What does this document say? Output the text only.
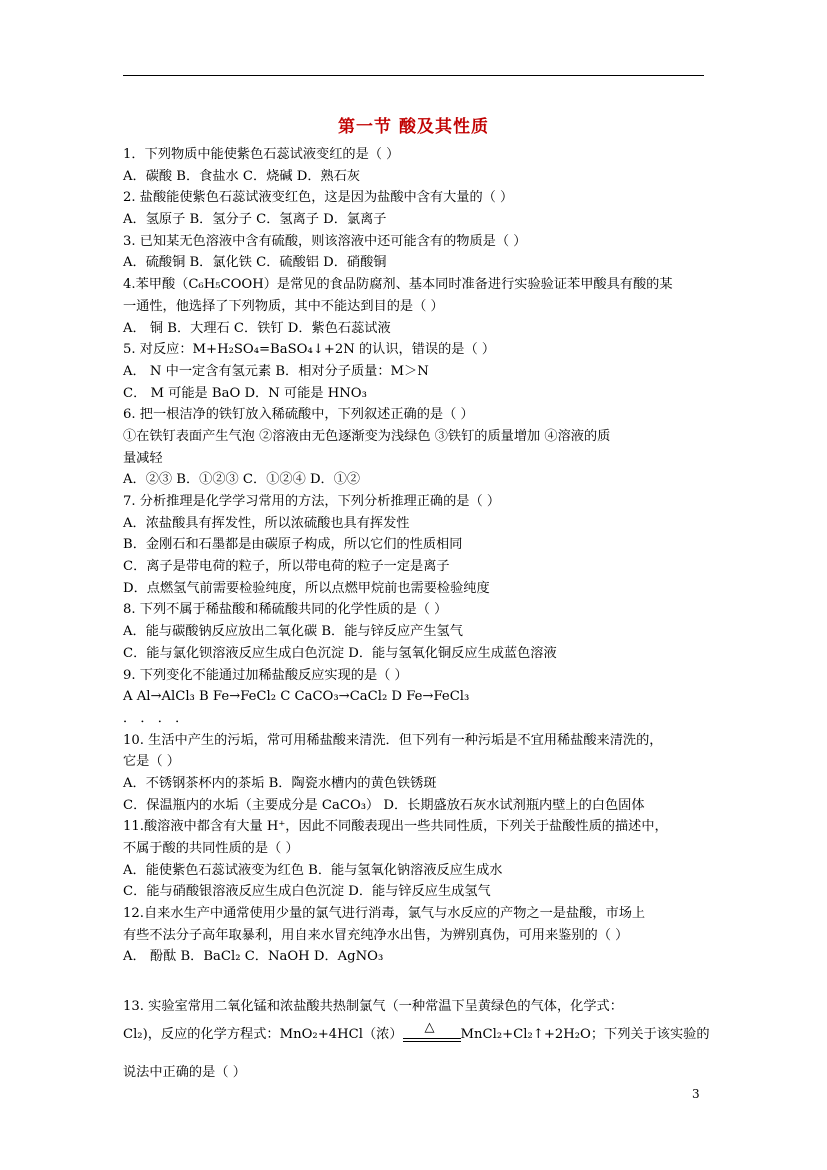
第一节 酸及其性质
1．下列物质中能使紫色石蕊试液变红的是（ ）
A．碳酸 B．食盐水 C．烧碱 D．熟石灰
2. 盐酸能使紫色石蕊试液变红色，这是因为盐酸中含有大量的（ ）
A．氢原子 B．氢分子 C．氢离子 D．氯离子
3. 已知某无色溶液中含有硫酸，则该溶液中还可能含有的物质是（ ）
A．硫酸铜 B．氯化铁 C．硫酸铝 D．硝酸铜
4.苯甲酸（C₆H₅COOH）是常见的食品防腐剂、基本同时准备进行实验验证苯甲酸具有酸的某
一通性，他选择了下列物质，其中不能达到目的是（ ）
A． 铜 B．大理石 C．铁钉 D．紫色石蕊试液
5. 对反应：M+H₂SO₄=BaSO₄↓+2N 的认识，错误的是（ ）
A． N 中一定含有氢元素 B．相对分子质量：M＞N
C． M 可能是 BaO D．N 可能是 HNO₃
6. 把一根洁净的铁钉放入稀硫酸中，下列叙述正确的是（ ）
①在铁钉表面产生气泡 ②溶液由无色逐渐变为浅绿色 ③铁钉的质量增加 ④溶液的质
量减轻
A．②③ B．①②③ C．①②④ D．①②
7. 分析推理是化学学习常用的方法，下列分析推理正确的是（ ）
A．浓盐酸具有挥发性，所以浓硫酸也具有挥发性
B．金刚石和石墨都是由碳原子构成，所以它们的性质相同
C．离子是带电荷的粒子，所以带电荷的粒子一定是离子
D．点燃氢气前需要检验纯度，所以点燃甲烷前也需要检验纯度
8. 下列不属于稀盐酸和稀硫酸共同的化学性质的是（ ）
A．能与碳酸钠反应放出二氧化碳 B．能与锌反应产生氢气
C．能与氯化钡溶液反应生成白色沉淀 D．能与氢氧化铜反应生成蓝色溶液
9. 下列变化不能通过加稀盐酸反应实现的是（ ）
A Al→AlCl₃ B Fe→FeCl₂ C CaCO₃→CaCl₂ D Fe→FeCl₃
． ． ． ．
10. 生活中产生的污垢，常可用稀盐酸来清洗．但下列有一种污垢是不宜用稀盐酸来清洗的，
它是（ ）
A．不锈钢茶杯内的茶垢 B．陶瓷水槽内的黄色铁锈斑
C．保温瓶内的水垢（主要成分是 CaCO₃） D．长期盛放石灰水试剂瓶内壁上的白色固体
11.酸溶液中都含有大量 H⁺，因此不同酸表现出一些共同性质，下列关于盐酸性质的描述中，
不属于酸的共同性质的是（ ）
A．能使紫色石蕊试液变为红色 B．能与氢氧化钠溶液反应生成水
C．能与硝酸银溶液反应生成白色沉淀 D．能与锌反应生成氢气
12.自来水生产中通常使用少量的氯气进行消毒，氯气与水反应的产物之一是盐酸，市场上
有些不法分子高年取暴利，用自来水冒充纯净水出售，为辨别真伪，可用来鉴别的（ ）
A． 酚酞 B．BaCl₂ C．NaOH D．AgNO₃
13. 实验室常用二氧化锰和浓盐酸共热制氯气（一种常温下呈黄绿色的气体，化学式：
Cl₂)，反应的化学方程式：MnO₂+4HCl（浓） △ MnCl₂+Cl₂↑+2H₂O；下列关于该实验的
说法中正确的是（ ）
3
